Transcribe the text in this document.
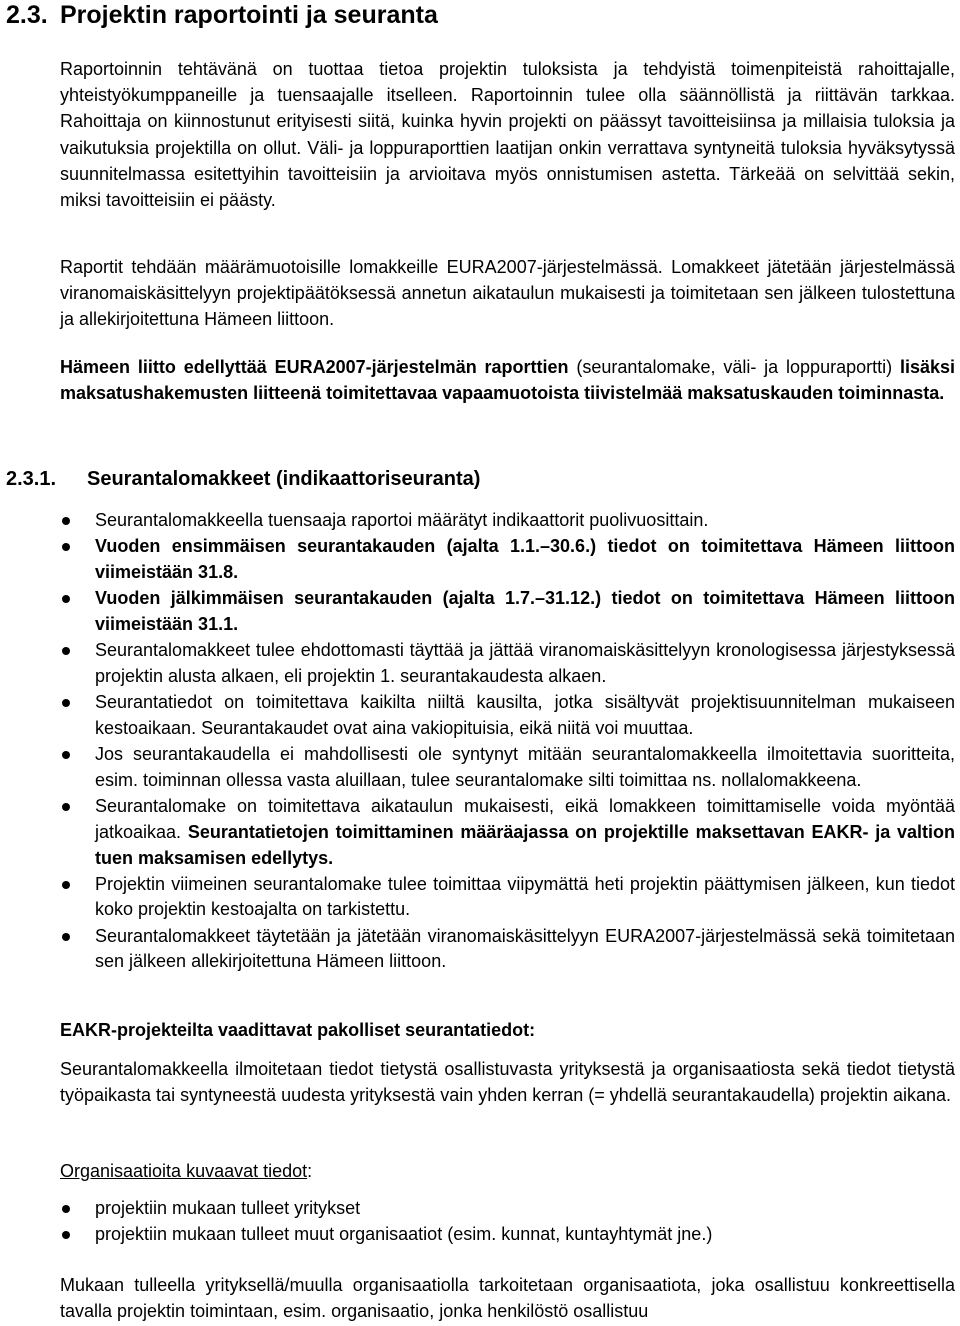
2.3. Projektin raportointi ja seuranta
Raportoinnin tehtävänä on tuottaa tietoa projektin tuloksista ja tehdyistä toimenpiteistä rahoittajalle, yhteistyökumppaneille ja tuensaajalle itselleen. Raportoinnin tulee olla säännöllistä ja riittävän tarkkaa. Rahoittaja on kiinnostunut erityisesti siitä, kuinka hyvin projekti on päässyt tavoitteisiinsa ja millaisia tuloksia ja vaikutuksia projektilla on ollut. Väli- ja loppuraporttien laatijan onkin verrattava syntyneitä tuloksia hyväksytyssä suunnitelmassa esitettyihin tavoitteisiin ja arvioitava myös onnistumisen astetta. Tärkeää on selvittää sekin, miksi tavoitteisiin ei päästy.
Raportit tehdään määrämuotoisille lomakkeille EURA2007-järjestelmässä. Lomakkeet jätetään järjestelmässä viranomaiskäsittelyyn projektipäätöksessä annetun aikataulun mukaisesti ja toimitetaan sen jälkeen tulostettuna ja allekirjoitettuna Hämeen liittoon.
Hämeen liitto edellyttää EURA2007-järjestelmän raporttien (seurantalomake, väli- ja loppuraportti) lisäksi maksatushakemusten liitteenä toimitettavaa vapaamuotoista tiivistelmää maksatuskauden toiminnasta.
2.3.1. Seurantalomakkeet (indikaattoriseuranta)
Seurantalomakkeella tuensaaja raportoi määrätyt indikaattorit puolivuosittain.
Vuoden ensimmäisen seurantakauden (ajalta 1.1.–30.6.) tiedot on toimitettava Hämeen liittoon viimeistään 31.8.
Vuoden jälkimmäisen seurantakauden (ajalta 1.7.–31.12.) tiedot on toimitettava Hämeen liittoon viimeistään 31.1.
Seurantalomakkeet tulee ehdottomasti täyttää ja jättää viranomaiskäsittelyyn kronologisessa järjestyksessä projektin alusta alkaen, eli projektin 1. seurantakaudesta alkaen.
Seurantatiedot on toimitettava kaikilta niiltä kausilta, jotka sisältyvät projektisuunnitelman mukaiseen kestoaikaan. Seurantakaudet ovat aina vakiopituisia, eikä niitä voi muuttaa.
Jos seurantakaudella ei mahdollisesti ole syntynyt mitään seurantalomakkeella ilmoitettavia suoritteita, esim. toiminnan ollessa vasta aluillaan, tulee seurantalomake silti toimittaa ns. nollalomakkeena.
Seurantalomake on toimitettava aikataulun mukaisesti, eikä lomakkeen toimittamiselle voida myöntää jatkoaikaa. Seurantatietojen toimittaminen määräajassa on projektille maksettavan EAKR- ja valtion tuen maksamisen edellytys.
Projektin viimeinen seurantalomake tulee toimittaa viipymättä heti projektin päättymisen jälkeen, kun tiedot koko projektin kestoajalta on tarkistettu.
Seurantalomakkeet täytetään ja jätetään viranomaiskäsittelyyn EURA2007-järjestelmässä sekä toimitetaan sen jälkeen allekirjoitettuna Hämeen liittoon.
EAKR-projekteilta vaadittavat pakolliset seurantatiedot:
Seurantalomakkeella ilmoitetaan tiedot tietystä osallistuvasta yrityksestä ja organisaatiosta sekä tiedot tietystä työpaikasta tai syntyneestä uudesta yrityksestä vain yhden kerran (= yhdellä seurantakaudella) projektin aikana.
Organisaatioita kuvaavat tiedot:
projektiin mukaan tulleet yritykset
projektiin mukaan tulleet muut organisaatiot (esim. kunnat, kuntayhtymät jne.)
Mukaan tulleella yrityksellä/muulla organisaatiolla tarkoitetaan organisaatiota, joka osallistuu konkreettisella tavalla projektin toimintaan, esim. organisaatio, jonka henkilöstö osallistuu
